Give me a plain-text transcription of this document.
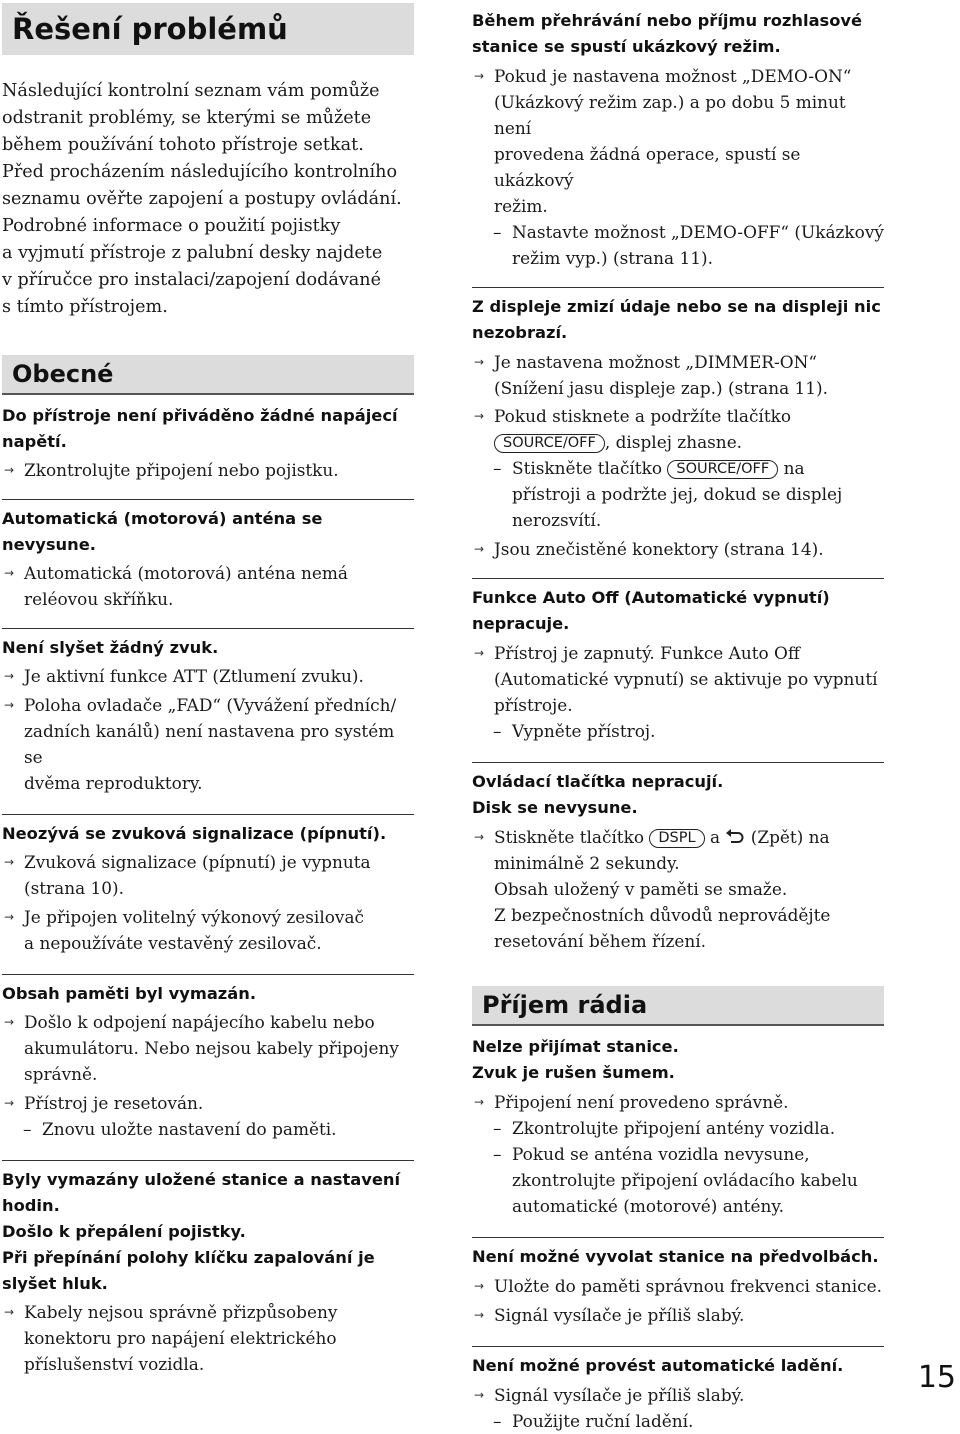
Řešení problémů
Následující kontrolní seznam vám pomůže
odstranit problémy, se kterými se můžete
během používání tohoto přístroje setkat.
Před procházením následujícího kontrolního
seznamu ověřte zapojení a postupy ovládání.
Podrobné informace o použití pojistky
a vyjmutí přístroje z palubní desky najdete
v příručce pro instalaci/zapojení dodávané
s tímto přístrojem.
Obecné
Do přístroje není přiváděno žádné napájecí
napětí.
→ Zkontrolujte připojení nebo pojistku.
Automatická (motorová) anténa se
nevysune.
→ Automatická (motorová) anténa nemá
reléovou skříňku.
Není slyšet žádný zvuk.
→ Je aktivní funkce ATT (Ztlumení zvuku).
→ Poloha ovladače „FAD“ (Vyvážení předních/
zadních kanálů) není nastavena pro systém se
dvěma reproduktory.
Neozývá se zvuková signalizace (pípnutí).
→ Zvuková signalizace (pípnutí) je vypnuta
(strana 10).
→ Je připojen volitelný výkonový zesilovač
a nepoužíváte vestavěný zesilovač.
Obsah paměti byl vymazán.
→ Došlo k odpojení napájecího kabelu nebo
akumulátoru. Nebo nejsou kabely připojeny
správně.
→ Přístroj je resetován.
– Znovu uložte nastavení do paměti.
Byly vymazány uložené stanice a nastavení
hodin.
Došlo k přepálení pojistky.
Při přepínání polohy klíčku zapalování je
slyšet hluk.
→ Kabely nejsou správně přizpůsobeny
konektoru pro napájení elektrického
příslušenství vozidla.
Během přehrávání nebo příjmu rozhlasové
stanice se spustí ukázkový režim.
→ Pokud je nastavena možnost „DEMO-ON“
(Ukázkový režim zap.) a po dobu 5 minut není
provedena žádná operace, spustí se ukázkový
režim.
– Nastavte možnost „DEMO-OFF“ (Ukázkový
režim vyp.) (strana 11).
Z displeje zmizí údaje nebo se na displeji nic
nezobrazí.
→ Je nastavena možnost „DIMMER-ON“
(Snížení jasu displeje zap.) (strana 11).
→ Pokud stisknete a podržíte tlačítko
SOURCE/OFF , displej zhasne.
– Stiskněte tlačítko SOURCE/OFF na
přístroji a podržte jej, dokud se displej
nerozsvítí.
→ Jsou znečistěné konektory (strana 14).
Funkce Auto Off (Automatické vypnutí)
nepracuje.
→ Přístroj je zapnutý. Funkce Auto Off
(Automatické vypnutí) se aktivuje po vypnutí
přístroje.
– Vypněte přístroj.
Ovládací tlačítka nepracují.
Disk se nevysune.
→ Stiskněte tlačítko DSPL a (Zpět) na
minimálně 2 sekundy.
Obsah uložený v paměti se smaže.
Z bezpečnostních důvodů neprovádějte
resetování během řízení.
Příjem rádia
Nelze přijímat stanice.
Zvuk je rušen šumem.
→ Připojení není provedeno správně.
– Zkontrolujte připojení antény vozidla.
– Pokud se anténa vozidla nevysune,
zkontrolujte připojení ovládacího kabelu
automatické (motorové) antény.
Není možné vyvolat stanice na předvolbách.
→ Uložte do paměti správnou frekvenci stanice.
→ Signál vysílače je příliš slabý.
Není možné provést automatické ladění.
→ Signál vysílače je příliš slabý.
– Použijte ruční ladění.
15
